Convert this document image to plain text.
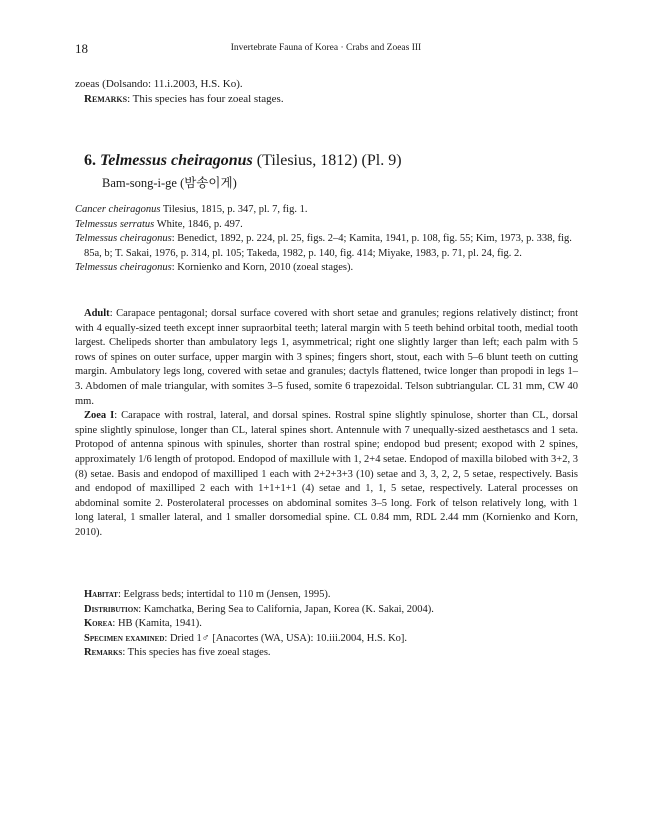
18	Invertebrate Fauna of Korea · Crabs and Zoeas III
zoeas (Dolsando: 11.i.2003, H.S. Ko).
Remarks: This species has four zoeal stages.
6. Telmessus cheiragonus (Tilesius, 1812) (Pl. 9)
Bam-song-i-ge (밤송이게)

Cancer cheiragonus Tilesius, 1815, p. 347, pl. 7, fig. 1.

Telmessus serratus White, 1846, p. 497.

Telmessus cheiragonus: Benedict, 1892, p. 224, pl. 25, figs. 2–4; Kamita, 1941, p. 108, fig. 55; Kim, 1973, p. 338, fig. 85a, b; T. Sakai, 1976, p. 314, pl. 105; Takeda, 1982, p. 140, fig. 414; Miyake, 1983, p. 71, pl. 24, fig. 2.

Telmessus cheiragonus: Kornienko and Korn, 2010 (zoeal stages).

Adult: Carapace pentagonal; dorsal surface covered with short setae and granules; regions relatively distinct; front with 4 equally-sized teeth except inner supraorbital teeth; lateral margin with 5 teeth behind orbital tooth, medial tooth largest. Chelipeds shorter than ambulatory legs 1, asymmetrical; right one slightly larger than left; each palm with 5 rows of spines on outer surface, upper margin with 3 spines; fingers short, stout, each with 5–6 blunt teeth on cutting margin. Ambulatory legs long, covered with setae and granules; dactyls flattened, twice longer than propodi in legs 1–3. Abdomen of male triangular, with somites 3–5 fused, somite 6 trapezoidal. Telson subtriangular. CL 31 mm, CW 40 mm.

Zoea I: Carapace with rostral, lateral, and dorsal spines. Rostral spine slightly spinulose, shorter than CL, dorsal spine slightly spinulose, longer than CL, lateral spines short. Antennule with 7 unequally-sized aesthetascs and 1 seta. Protopod of antenna spinous with spinules, shorter than rostral spine; endopod bud present; exopod with 2 spines, approximately 1/6 length of protopod. Endopod of maxillule with 1, 2+4 setae. Endopod of maxilla bilobed with 3+2, 3 (8) setae. Basis and endopod of maxilliped 1 each with 2+2+3+3 (10) setae and 3, 3, 2, 2, 5 setae, respectively. Basis and endopod of maxilliped 2 each with 1+1+1+1 (4) setae and 1, 1, 5 setae, respectively. Lateral processes on abdominal somite 2. Posterolateral processes on abdominal somites 3–5 long. Fork of telson relatively long, with 1 long lateral, 1 smaller lateral, and 1 smaller dorsomedial spine. CL 0.84 mm, RDL 2.44 mm (Kornienko and Korn, 2010).

Habitat: Eelgrass beds; intertidal to 110 m (Jensen, 1995).

Distribution: Kamchatka, Bering Sea to California, Japan, Korea (K. Sakai, 2004).

Korea: HB (Kamita, 1941).

Specimen examined: Dried 1♂ [Anacortes (WA, USA): 10.iii.2004, H.S. Ko].

Remarks: This species has five zoeal stages.
